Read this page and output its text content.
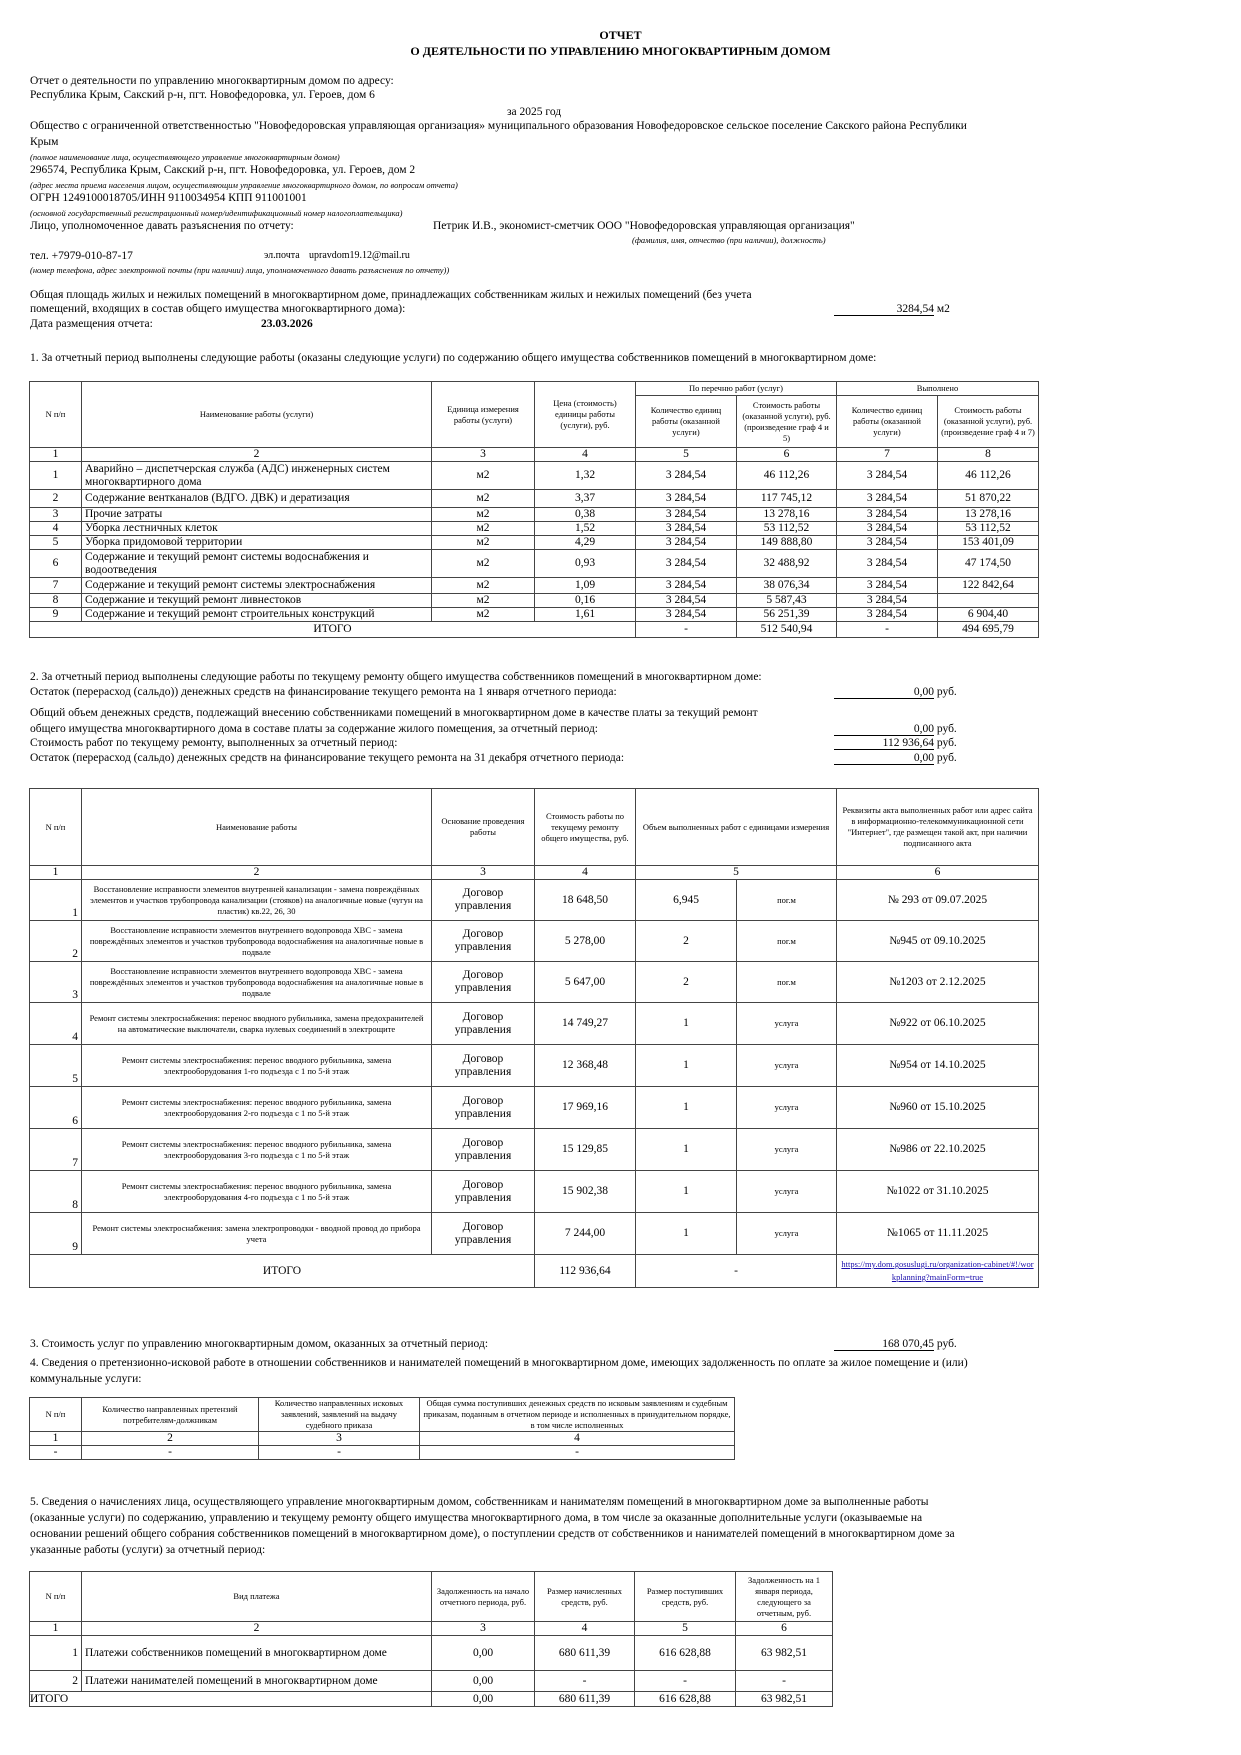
ОТЧЕТ
О ДЕЯТЕЛЬНОСТИ ПО УПРАВЛЕНИЮ МНОГОКВАРТИРНЫМ ДОМОМ
Отчет о деятельности по управлению многоквартирным домом по адресу:
Республика Крым, Сакский р-н, пгт. Новофедоровка, ул. Героев, дом 6
за 2025 год
Общество с ограниченной ответственностью "Новофедоровская управляющая организация» муниципального образования Новофедоровское сельское поселение Сакского района Республики
Крым
(полное наименование лица, осуществляющего управление многоквартирным домом)
296574, Республика Крым, Сакский р-н, пгт. Новофедоровка, ул. Героев, дом 2
(адрес места приема населения лицом, осуществляющим управление многоквартирного домом, по вопросам отчета)
ОГРН 1249100018705/ИНН 9110034954 КПП 911001001
(основной государственный регистрационный номер/идентификационный номер налогоплательщика)
Лицо, уполномоченное давать разъяснения по отчету:	Петрик И.В., экономист-сметчик ООО "Новофедоровская управляющая организация"
(фамилия, имя, отчество (при наличии), должность)
тел. +7979-010-87-17	эл.почта upravdom19.12@mail.ru
(номер телефона, адрес электронной почты (при наличии) лица, уполномоченного давать разъяснения по отчету))
Общая площадь жилых и нежилых помещений в многоквартирном доме, принадлежащих собственникам жилых и нежилых помещений (без учета
помещений, входящих в состав общего имущества многоквартирного дома):	3284,54 м2
Дата размещения отчета:	23.03.2026
1. За отчетный период выполнены следующие работы (оказаны следующие услуги) по содержанию общего имущества собственников помещений в многоквартирном доме:
N п/п	Наименование работы (услуги)	Единица измерения работы (услуги)	Цена (стоимость) единицы работы (услуги), руб.	По перечню работ (услуг)		Выполнено	
				Количество единиц работы (оказанной услуги)	Стоимость работы (оказанной услуги), руб. (произведение граф 4 и 5)	Количество единиц работы (оказанной услуги)	Стоимость работы (оказанной услуги), руб. (произведение граф 4 и 7)
1	2	3	4	5	6	7	8
1	Аварийно – диспетчерская служба (АДС) инженерных систем многоквартирного дома	м2	1,32	3 284,54	46 112,26	3 284,54	46 112,26
2	Содержание вентканалов (ВДГО. ДВК) и дератизация	м2	3,37	3 284,54	117 745,12	3 284,54	51 870,22
3	Прочие затраты	м2	0,38	3 284,54	13 278,16	3 284,54	13 278,16
4	Уборка лестничных клеток	м2	1,52	3 284,54	53 112,52	3 284,54	53 112,52
5	Уборка придомовой территории	м2	4,29	3 284,54	149 888,80	3 284,54	153 401,09
6	Содержание и текущий ремонт системы водоснабжения и водоотведения	м2	0,93	3 284,54	32 488,92	3 284,54	47 174,50
7	Содержание и текущий ремонт системы электроснабжения	м2	1,09	3 284,54	38 076,34	3 284,54	122 842,64
8	Содержание и текущий ремонт ливнестоков	м2	0,16	3 284,54	5 587,43	3 284,54	
9	Содержание и текущий ремонт строительных конструкций	м2	1,61	3 284,54	56 251,39	3 284,54	6 904,40
ИТОГО				-	512 540,94	-	494 695,79
2. За отчетный период выполнены следующие работы по текущему ремонту общего имущества собственников помещений в многоквартирном доме:
Остаток (перерасход (сальдо)) денежных средств на финансирование текущего ремонта на 1 января отчетного периода:	0,00 руб.
Общий объем денежных средств, подлежащий внесению собственниками помещений в многоквартирном доме в качестве платы за текущий ремонт
общего имущества многоквартирного дома в составе платы за содержание жилого помещения, за отчетный период:	0,00 руб.
Стоимость работ по текущему ремонту, выполненных за отчетный период:	112 936,64 руб.
Остаток (перерасход (сальдо) денежных средств на финансирование текущего ремонта на 31 декабря отчетного периода:	0,00 руб.
N п/п	Наименование работы	Основание проведения работы	Стоимость работы по текущему ремонту общего имущества, руб.	Объем выполненных работ с единицами измерения		Реквизиты акта выполненных работ или адрес сайта в информационно-телекоммуникационной сети "Интернет", где размещен такой акт, при наличии подписанного акта
1	2	3	4	5		6
1	Восстановление исправности элементов внутренней канализации - замена повреждённых элементов и участков трубопровода канализации (стояков) на аналогичные новые (чугун на пластик) кв.22, 26, 30	Договор управления	18 648,50	6,945	пог.м	№ 293 от 09.07.2025
2	Восстановление исправности элементов внутреннего водопровода ХВС - замена повреждённых элементов и участков трубопровода водоснабжения на аналогичные новые в подвале	Договор управления	5 278,00	2	пог.м	№945 от 09.10.2025
3	Восстановление исправности элементов внутреннего водопровода ХВС - замена повреждённых элементов и участков трубопровода водоснабжения на аналогичные новые в подвале	Договор управления	5 647,00	2	пог.м	№1203 от 2.12.2025
4	Ремонт системы электроснабжения: перенос вводного рубильника, замена предохранителей на автоматические выключатели, сварка нулевых соединений в электрощите	Договор управления	14 749,27	1	услуга	№922 от 06.10.2025
5	Ремонт системы электроснабжения: перенос вводного рубильника, замена электрооборудования 1-го подъезда с 1 по 5-й этаж	Договор управления	12 368,48	1	услуга	№954 от 14.10.2025
6	Ремонт системы электроснабжения: перенос вводного рубильника, замена электрооборудования 2-го подъезда с 1 по 5-й этаж	Договор управления	17 969,16	1	услуга	№960 от 15.10.2025
7	Ремонт системы электроснабжения: перенос вводного рубильника, замена электрооборудования 3-го подъезда с 1 по 5-й этаж	Договор управления	15 129,85	1	услуга	№986 от 22.10.2025
8	Ремонт системы электроснабжения: перенос вводного рубильника, замена электрооборудования 4-го подъезда с 1 по 5-й этаж	Договор управления	15 902,38	1	услуга	№1022 от 31.10.2025
9	Ремонт системы электроснабжения: замена электропроводки - вводной провод до прибора учета	Договор управления	7 244,00	1	услуга	№1065 от 11.11.2025
ИТОГО			112 936,64	-		https://my.dom.gosuslugi.ru/organization-cabinet/#!/workplanning?mainForm=true
3. Стоимость услуг по управлению многоквартирным домом, оказанных за отчетный период:	168 070,45 руб.
4. Сведения о претензионно-исковой работе в отношении собственников и нанимателей помещений в многоквартирном доме, имеющих задолженность по оплате за жилое помещение и (или)
коммунальные услуги:
N п/п	Количество направленных претензий потребителям-должникам	Количество направленных исковых заявлений, заявлений на выдачу судебного приказа	Общая сумма поступивших денежных средств по исковым заявлениям и судебным приказам, поданным в отчетном периоде и исполненных в принудительном порядке, в том числе исполненных
1	2	3	4
-	-	-	-
5. Сведения о начислениях лица, осуществляющего управление многоквартирным домом, собственникам и нанимателям помещений в многоквартирном доме за выполненные работы
(оказанные услуги) по содержанию, управлению и текущему ремонту общего имущества многоквартирного дома, в том числе за оказанные дополнительные услуги (оказываемые на
основании решений общего собрания собственников помещений в многоквартирном доме), о поступлении средств от собственников и нанимателей помещений в многоквартирном доме за
указанные работы (услуги) за отчетный период:
N п/п	Вид платежа	Задолженность на начало отчетного периода, руб.	Размер начисленных средств, руб.	Размер поступивших средств, руб.	Задолженность на 1 января периода, следующего за отчетным, руб.
1	2	3	4	5	6
1	Платежи собственников помещений в многоквартирном доме	0,00	680 611,39	616 628,88	63 982,51
2	Платежи нанимателей помещений в многоквартирном доме	0,00	-	-	-
ИТОГО		0,00	680 611,39	616 628,88	63 982,51
